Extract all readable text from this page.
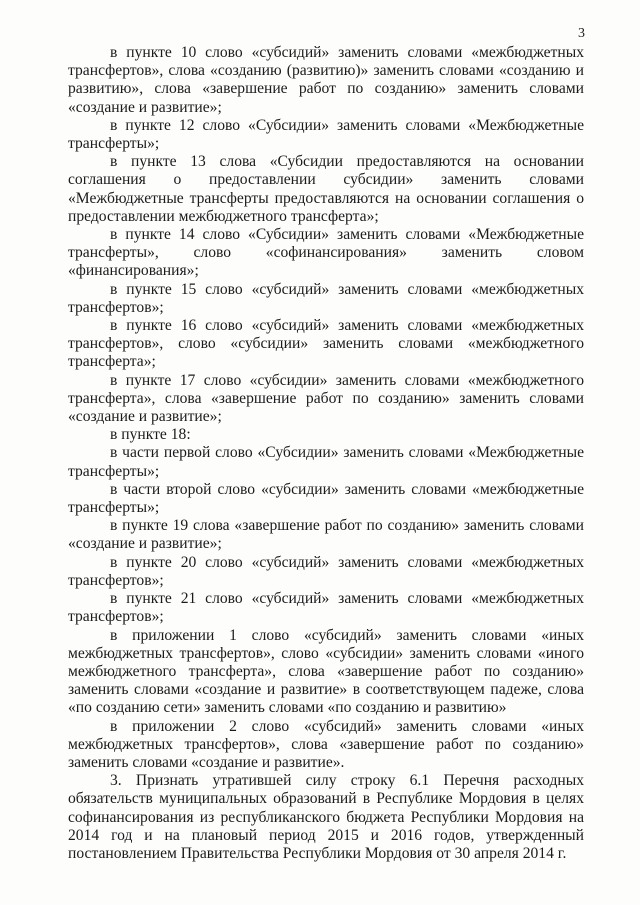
3

в пункте 10 слово «субсидий» заменить словами «межбюджетных трансфертов», слова «созданию (развитию)» заменить словами «созданию и развитию», слова «завершение работ по созданию» заменить словами «создание и развитие»;

в пункте 12 слово «Субсидии» заменить словами «Межбюджетные трансферты»;

в пункте 13 слова «Субсидии предоставляются на основании соглашения о предоставлении субсидии» заменить словами «Межбюджетные трансферты предоставляются на основании соглашения о предоставлении межбюджетного трансферта»;

в пункте 14 слово «Субсидии» заменить словами «Межбюджетные трансферты», слово «софинансирования» заменить словом «финансирования»;

в пункте 15 слово «субсидий» заменить словами «межбюджетных трансфертов»;

в пункте 16 слово «субсидий» заменить словами «межбюджетных трансфертов», слово «субсидии» заменить словами «межбюджетного трансферта»;

в пункте 17 слово «субсидии» заменить словами «межбюджетного трансферта», слова «завершение работ по созданию» заменить словами «создание и развитие»;

в пункте 18:

в части первой слово «Субсидии» заменить словами «Межбюджетные трансферты»;

в части второй слово «субсидии» заменить словами «межбюджетные трансферты»;

в пункте 19 слова «завершение работ по созданию» заменить словами «создание и развитие»;

в пункте 20 слово «субсидий» заменить словами «межбюджетных трансфертов»;

в пункте 21 слово «субсидий» заменить словами «межбюджетных трансфертов»;

в приложении 1 слово «субсидий» заменить словами «иных межбюджетных трансфертов», слово «субсидии» заменить словами «иного межбюджетного трансферта», слова «завершение работ по созданию» заменить словами «создание и развитие» в соответствующем падеже, слова «по созданию сети» заменить словами «по созданию и развитию»

в приложении 2 слово «субсидий» заменить словами «иных межбюджетных трансфертов», слова «завершение работ по созданию» заменить словами «создание и развитие».

3. Признать утратившей силу строку 6.1 Перечня расходных обязательств муниципальных образований в Республике Мордовия в целях софинансирования из республиканского бюджета Республики Мордовия на 2014 год и на плановый период 2015 и 2016 годов, утвержденный постановлением Правительства Республики Мордовия от 30 апреля 2014 г.
